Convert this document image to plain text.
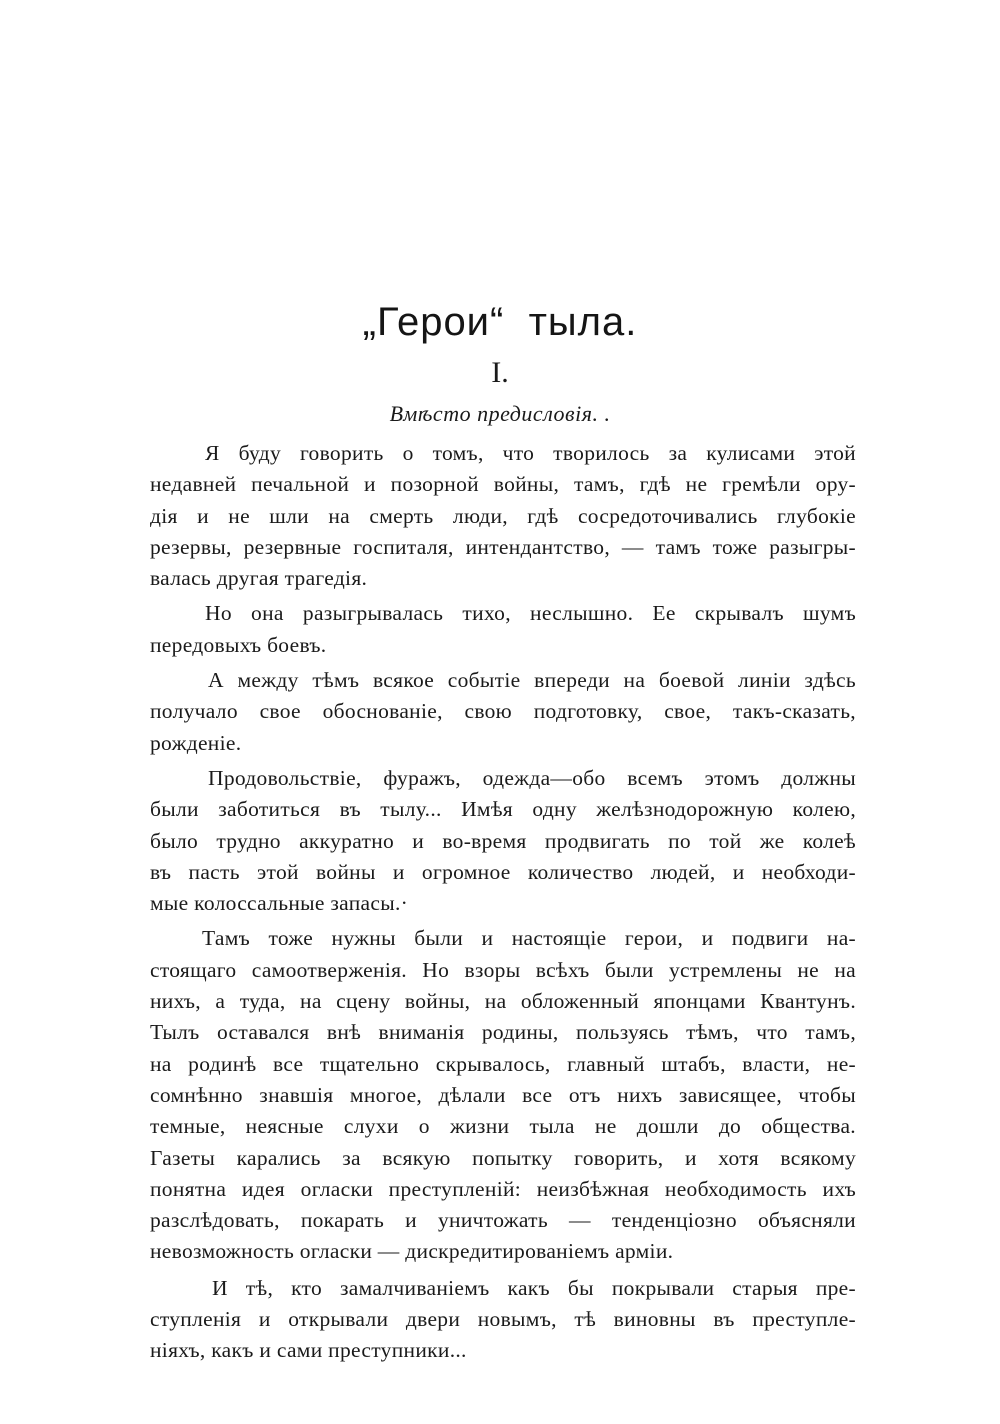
„Герои“  тыла.
I.
Вмѣсто предисловія. .
Я буду говорить о томъ, что творилось за кулисами этой
недавней печальной и позорной войны, тамъ, гдѣ не гремѣли ору-
дія и не шли на смерть люди, гдѣ сосредоточивались глубокіе
резервы, резервные госпиталя, интендантство, — тамъ тоже разыгры-
валась другая трагедія.
Но она разыгрывалась тихо, неслышно. Ее скрывалъ шумъ
передовыхъ боевъ.
А между тѣмъ всякое событіе впереди на боевой линіи здѣсь
получало свое обоснованіе, свою подготовку, свое, такъ-сказать,
рожденіе.
Продовольствіе, фуражъ, одежда—обо всемъ этомъ должны
были заботиться въ тылу... Имѣя одну желѣзнодорожную колею,
было трудно аккуратно и во-время продвигать по той же колеѣ
въ пасть этой войны и огромное количество людей, и необходи-
мые колоссальные запасы.·
Тамъ тоже нужны были и настоящіе герои, и подвиги на-
стоящаго самоотверженія. Но взоры всѣхъ были устремлены не на
нихъ, а туда, на сцену войны, на обложенный японцами Квантунъ.
Тылъ оставался внѣ вниманія родины, пользуясь тѣмъ, что тамъ,
на родинѣ все тщательно скрывалось, главный штабъ, власти, не-
сомнѣнно знавшія многое, дѣлали все отъ нихъ зависящее, чтобы
темные, неясные слухи о жизни тыла не дошли до общества.
Газеты карались за всякую попытку говорить, и хотя всякому
понятна идея огласки преступленій: неизбѣжная необходимость ихъ
разслѣдовать, покарать и уничтожать — тенденціозно объясняли
невозможность огласки — дискредитированіемъ арміи.
И тѣ, кто замалчиваніемъ какъ бы покрывали старыя пре-
ступленія и открывали двери новымъ, тѣ виновны въ преступле-
ніяхъ, какъ и сами преступники...
